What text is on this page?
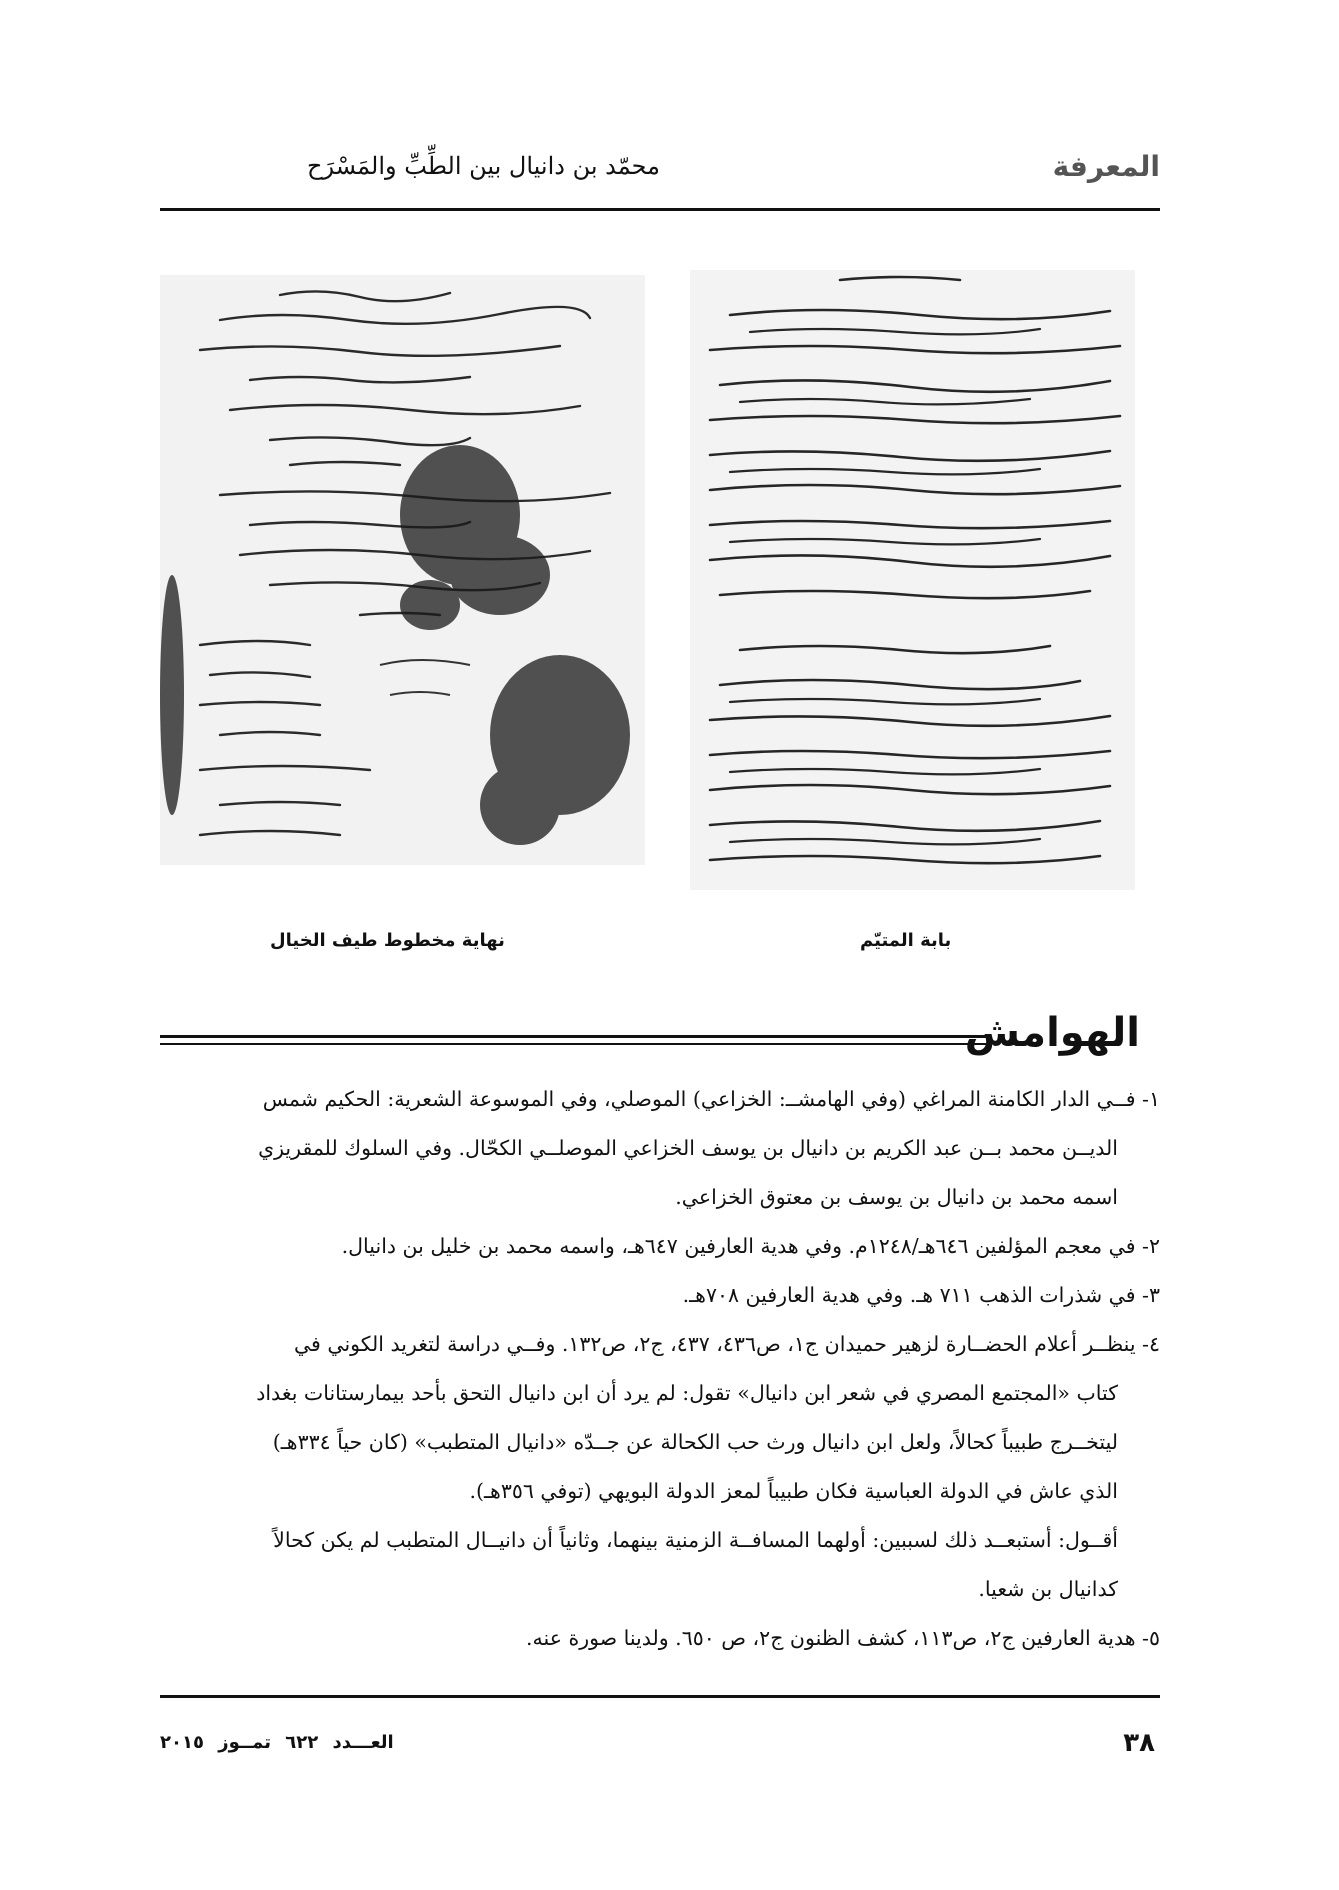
محمّد بن دانيال بين الطِّبِّ والمَسْرَح	المعرفة
نهاية مخطوط طيف الخيال	بابة المتيّم
الهوامش
١- فــي الدار الكامنة المراغي (وفي الهامشــ: الخزاعي) الموصلي، وفي الموسوعة الشعرية: الحكيم شمس
الديــن محمد بــن عبد الكريم بن دانيال بن يوسف الخزاعي الموصلــي الكحّال. وفي السلوك للمقريزي
اسمه محمد بن دانيال بن يوسف بن معتوق الخزاعي.
٢- في معجم المؤلفين ٦٤٦هـ/١٢٤٨م. وفي هدية العارفين ٦٤٧هـ، واسمه محمد بن خليل بن دانيال.
٣- في شذرات الذهب ٧١١ هـ. وفي هدية العارفين ٧٠٨هـ.
٤- ينظــر أعلام الحضــارة لزهير حميدان ج١، ص٤٣٦، ٤٣٧، ج٢، ص١٣٢. وفــي دراسة لتغريد الكوني في
كتاب «المجتمع المصري في شعر ابن دانيال» تقول: لم يرد أن ابن دانيال التحق بأحد بيمارستانات بغداد
ليتخــرج طبيباً كحالاً، ولعل ابن دانيال ورث حب الكحالة عن جــدّه «دانيال المتطبب» (كان حياً ٣٣٤هـ)
الذي عاش في الدولة العباسية فكان طبيباً لمعز الدولة البويهي (توفي ٣٥٦هـ).
أقــول: أستبعــد ذلك لسببين: أولهما المسافــة الزمنية بينهما، وثانياً أن دانيــال المتطبب لم يكن كحالاً
كدانيال بن شعيا.
٥- هدية العارفين ج٢، ص١١٣، كشف الظنون ج٢، ص ٦٥٠. ولدينا صورة عنه.
٣٨
العـــدد ٦٢٢ تمــوز ٢٠١٥
